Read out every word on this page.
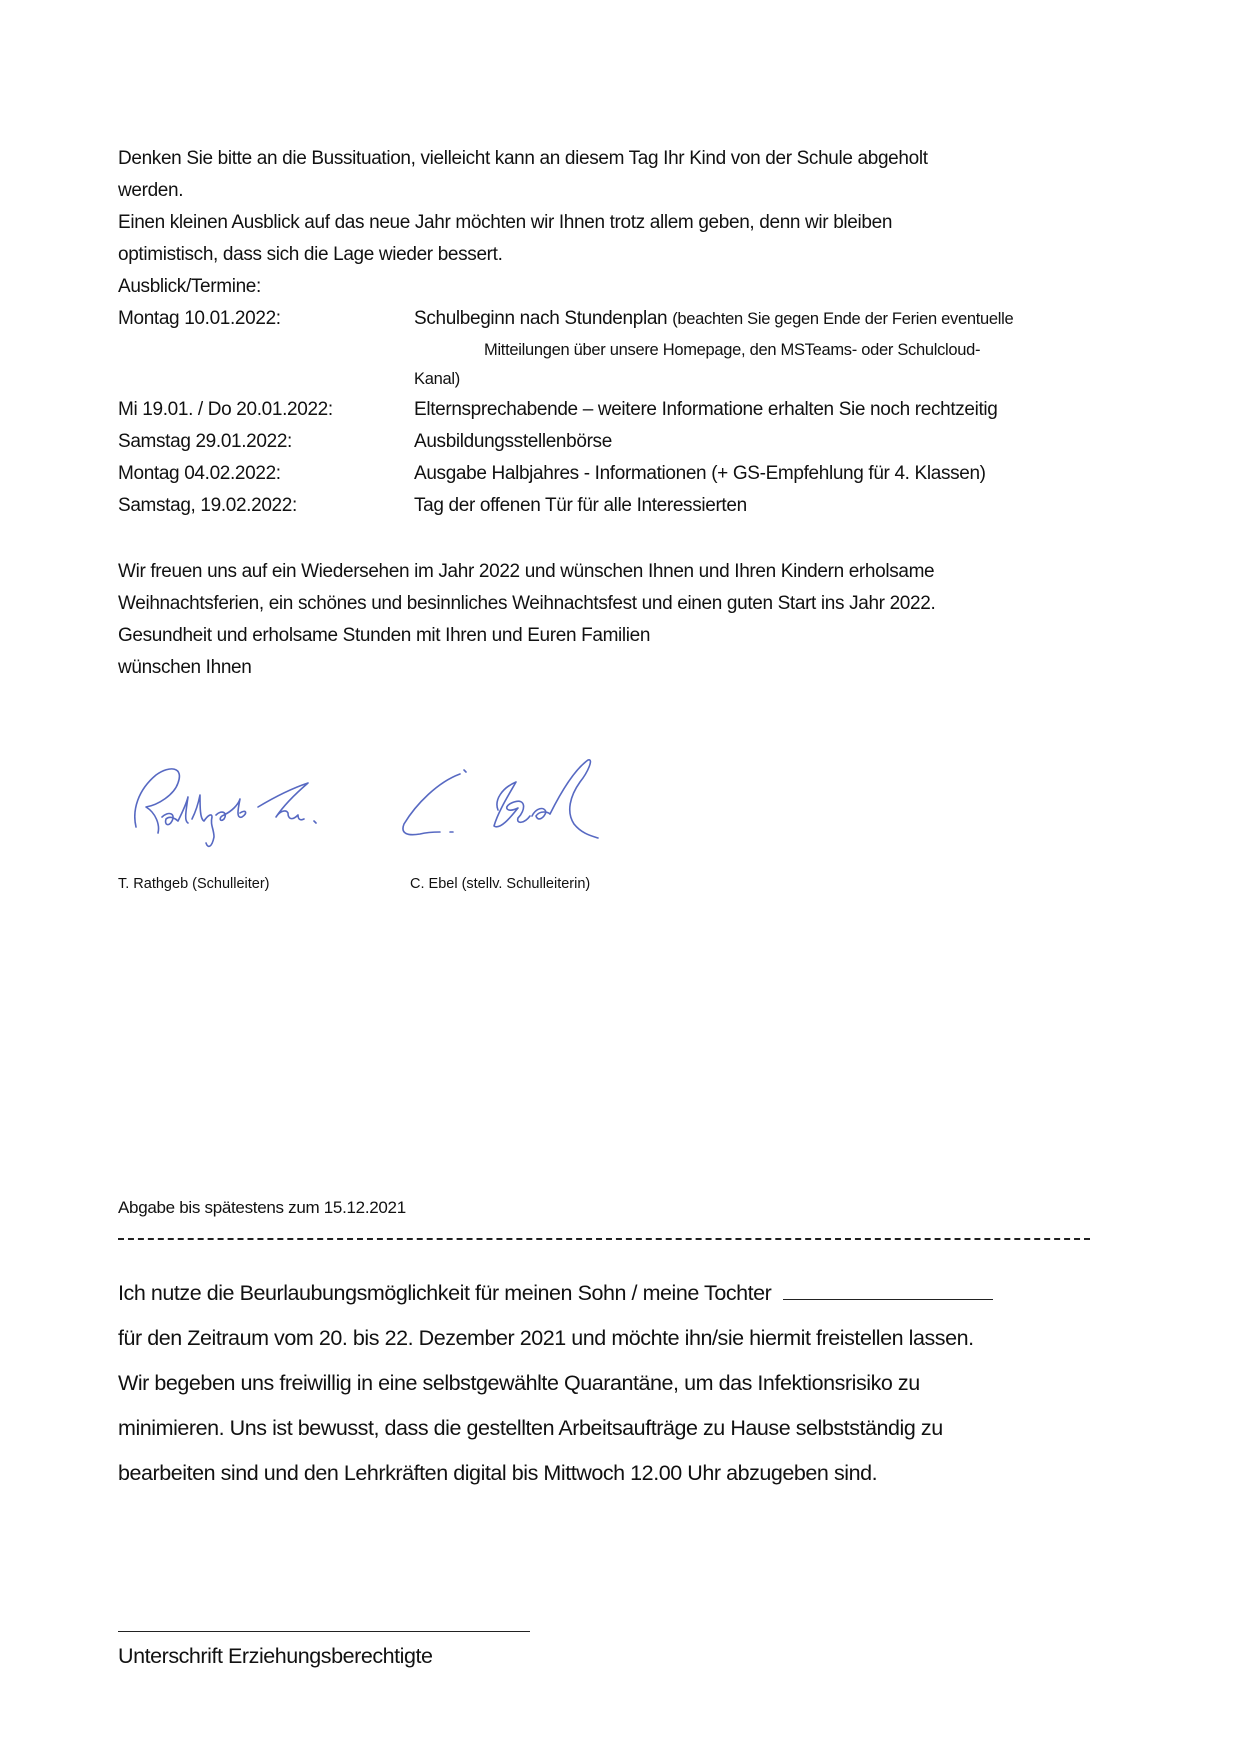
Denken Sie bitte an die Bussituation, vielleicht kann an diesem Tag Ihr Kind von der Schule abgeholt
werden.
Einen kleinen Ausblick auf das neue Jahr möchten wir Ihnen trotz allem geben, denn wir bleiben
optimistisch, dass sich die Lage wieder bessert.
Ausblick/Termine:
Montag 10.01.2022:	Schulbeginn nach Stundenplan (beachten Sie gegen Ende der Ferien eventuelle
Mitteilungen über unsere Homepage, den MSTeams- oder Schulcloud-
Kanal)
Mi 19.01. / Do 20.01.2022:	Elternsprechabende – weitere Informatione erhalten Sie noch rechtzeitig
Samstag 29.01.2022:	Ausbildungsstellenbörse
Montag 04.02.2022:	Ausgabe Halbjahres - Informationen (+ GS-Empfehlung für 4. Klassen)
Samstag, 19.02.2022:	Tag der offenen Tür für alle Interessierten
Wir freuen uns auf ein Wiedersehen im Jahr 2022 und wünschen Ihnen und Ihren Kindern erholsame
Weihnachtsferien, ein schönes und besinnliches Weihnachtsfest und einen guten Start ins Jahr 2022.
Gesundheit und erholsame Stunden mit Ihren und Euren Familien
wünschen Ihnen
T. Rathgeb (Schulleiter)	C. Ebel (stellv. Schulleiterin)
Abgabe bis spätestens zum 15.12.2021
Ich nutze die Beurlaubungsmöglichkeit für meinen Sohn / meine Tochter
für den Zeitraum vom 20. bis 22. Dezember 2021 und möchte ihn/sie hiermit freistellen lassen.
Wir begeben uns freiwillig in eine selbstgewählte Quarantäne, um das Infektionsrisiko zu
minimieren. Uns ist bewusst, dass die gestellten Arbeitsaufträge zu Hause selbstständig zu
bearbeiten sind und den Lehrkräften digital bis Mittwoch 12.00 Uhr abzugeben sind.
Unterschrift Erziehungsberechtigte
